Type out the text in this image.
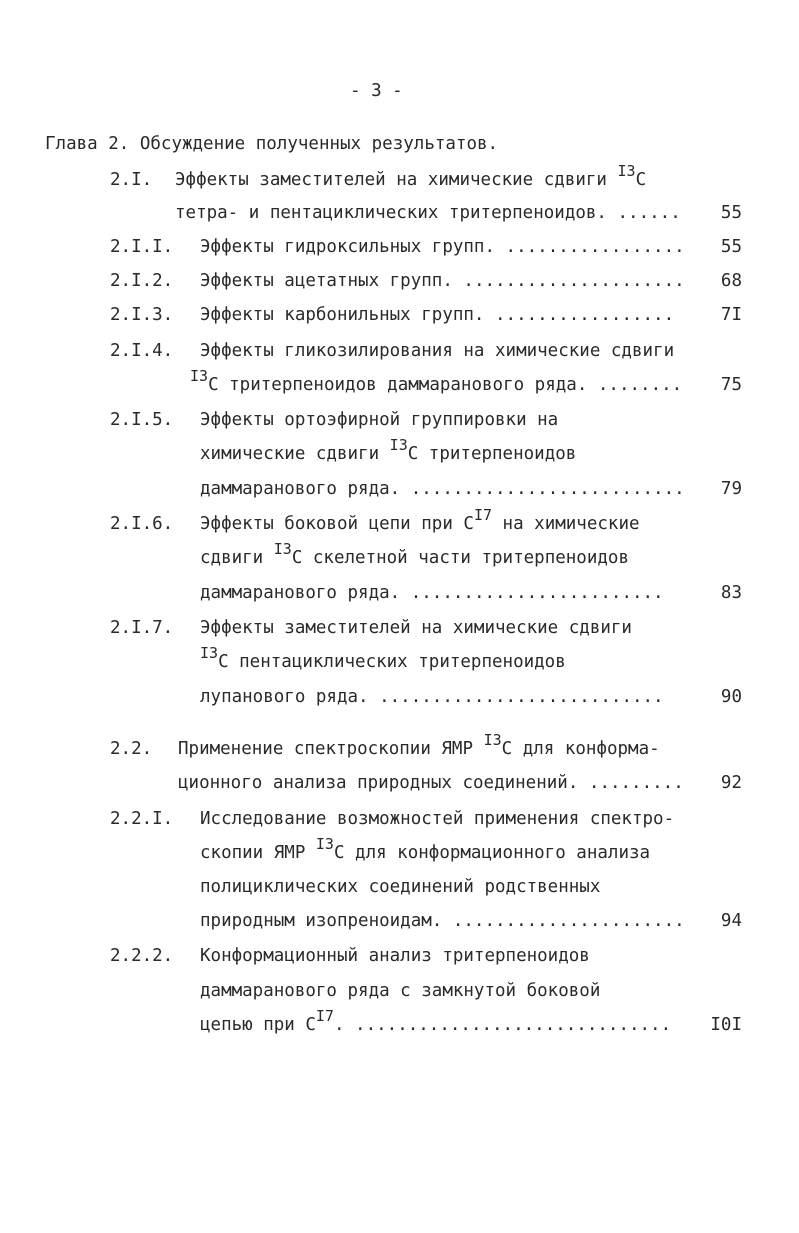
- 3 -
Глава 2. Обсуждение полученных результатов.
2.I. Эффекты заместителей на химические сдвиги I3C
тетра- и пентациклических тритерпеноидов. ......	55
2.I.I. Эффекты гидроксильных групп. .................	55
2.I.2. Эффекты ацетатных групп. .....................	68
2.I.3. Эффекты карбонильных групп. .................	7I
2.I.4. Эффекты гликозилирования на химические сдвиги
I3C тритерпеноидов даммаранового ряда. ........	75
2.I.5. Эффекты ортоэфирной группировки на
химические сдвиги I3C тритерпеноидов
даммаранового ряда. ..........................	79
2.I.6. Эффекты боковой цепи при CI7 на химические
сдвиги I3C скелетной части тритерпеноидов
даммаранового ряда. ........................	83
2.I.7. Эффекты заместителей на химические сдвиги
I3C пентациклических тритерпеноидов
лупанового ряда. ...........................	90
2.2. Применение спектроскопии ЯМР I3C для конформа-
ционного анализа природных соединений. .........	92
2.2.I. Исследование возможностей применения спектро-
скопии ЯМР I3C для конформационного анализа
полициклических соединений родственных
природным изопреноидам. ......................	94
2.2.2. Конформационный анализ тритерпеноидов
даммаранового ряда с замкнутой боковой
цепью при CI7. ..............................	I0I
